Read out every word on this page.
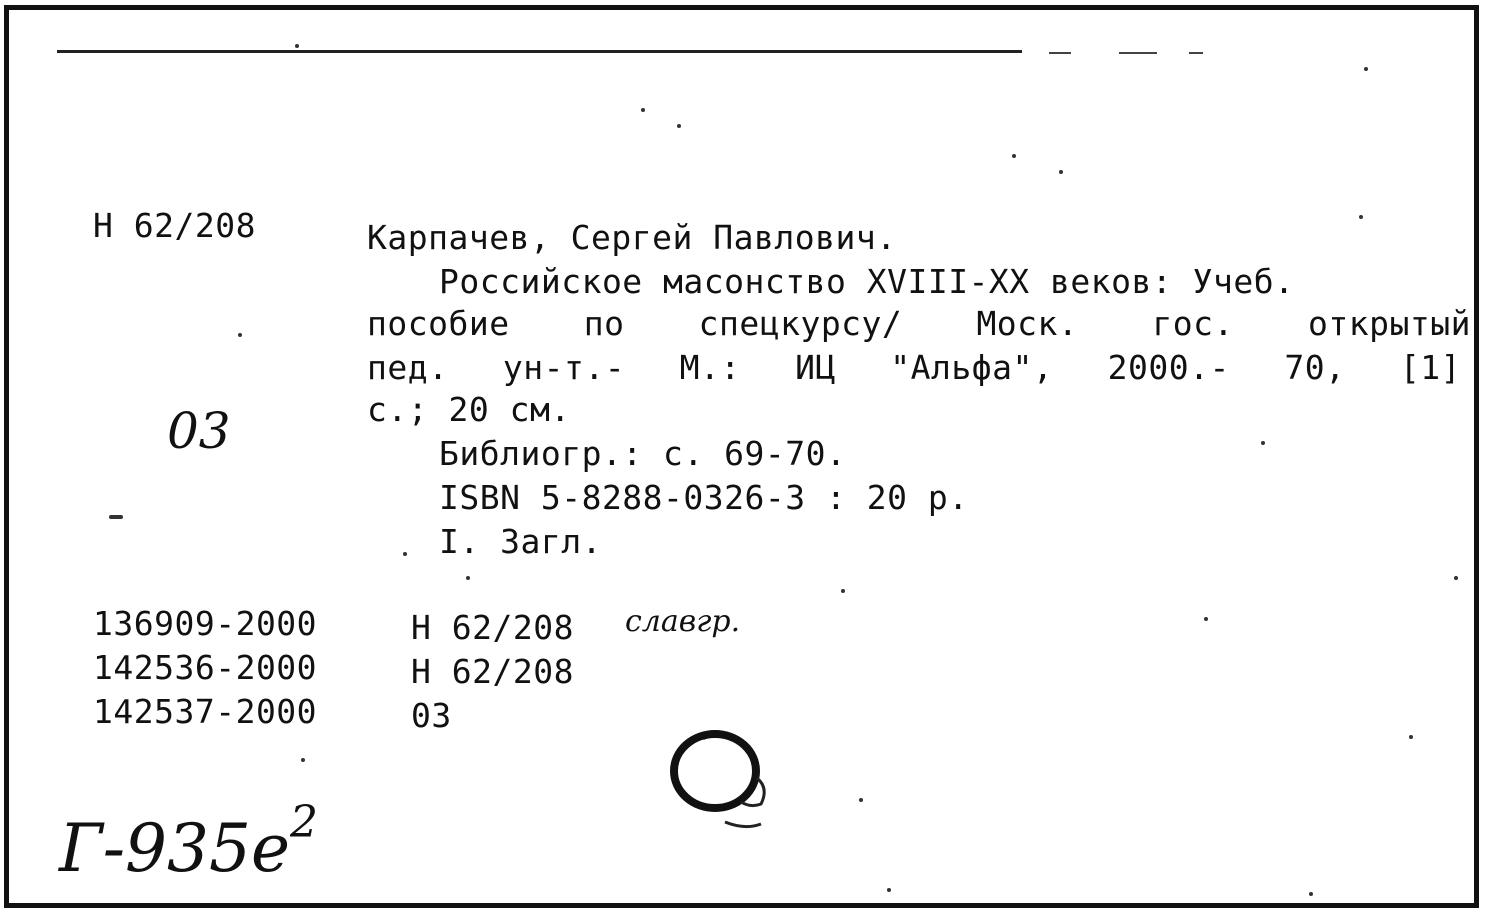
Н 62/208	Карпачев, Сергей Павлович.
Российское масонство XVIII-XX веков: Учеб.
пособие по спецкурсу/ Моск. гос. открытый
пед. ун-т.- М.: ИЦ "Альфа", 2000.- 70, [1]
с.; 20 см.
Библиогр.: с. 69-70.
ISBN 5-8288-0326-3 : 20 р.
I. Загл.
03
136909-2000	Н 62/208 славгр.
142536-2000	Н 62/208
142537-2000	03
$Г-935е^2$
